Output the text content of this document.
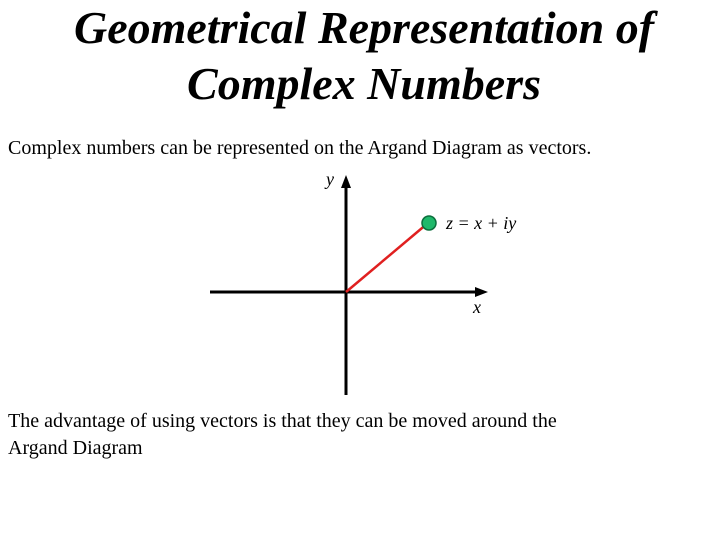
Geometrical Representation of
Complex Numbers
Complex numbers can be represented on the Argand Diagram as vectors.
y
x
z = x + iy
The advantage of using vectors is that they can be moved around the
Argand Diagram
